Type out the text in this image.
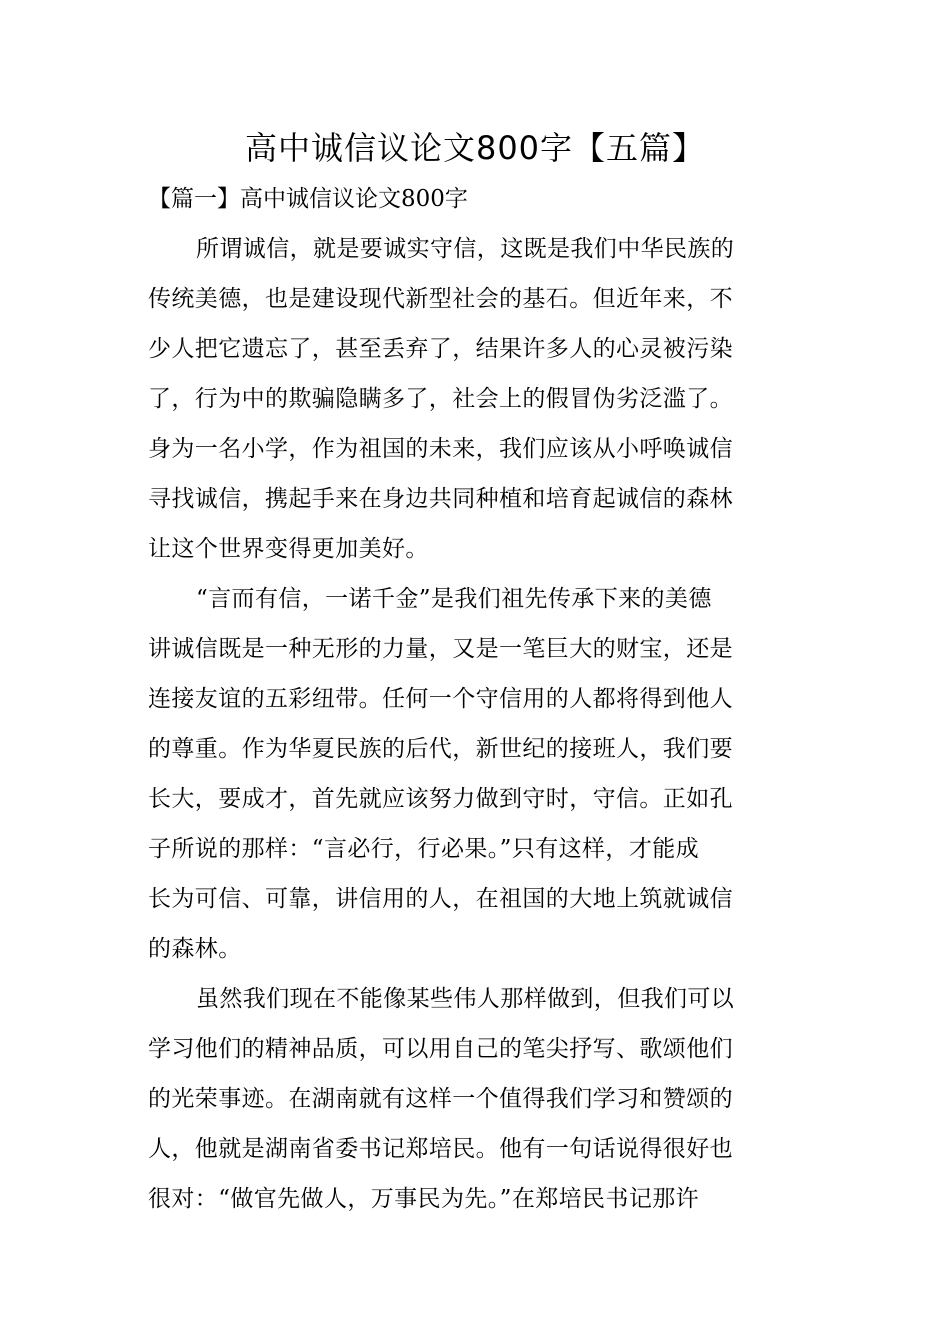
高中诚信议论文800字【五篇】
【篇一】高中诚信议论文800字
所谓诚信，就是要诚实守信，这既是我们中华民族的
传统美德，也是建设现代新型社会的基石。但近年来，不
少人把它遗忘了，甚至丢弃了，结果许多人的心灵被污染
了，行为中的欺骗隐瞒多了，社会上的假冒伪劣泛滥了。
身为一名小学，作为祖国的未来，我们应该从小呼唤诚信
寻找诚信，携起手来在身边共同种植和培育起诚信的森林
让这个世界变得更加美好。
“言而有信，一诺千金”是我们祖先传承下来的美德
讲诚信既是一种无形的力量，又是一笔巨大的财宝，还是
连接友谊的五彩纽带。任何一个守信用的人都将得到他人
的尊重。作为华夏民族的后代，新世纪的接班人，我们要
长大，要成才，首先就应该努力做到守时，守信。正如孔
子所说的那样：“言必行，行必果。”只有这样，才能成
长为可信、可靠，讲信用的人，在祖国的大地上筑就诚信
的森林。
虽然我们现在不能像某些伟人那样做到，但我们可以
学习他们的精神品质，可以用自己的笔尖抒写、歌颂他们
的光荣事迹。在湖南就有这样一个值得我们学习和赞颂的
人，他就是湖南省委书记郑培民。他有一句话说得很好也
很对：“做官先做人，万事民为先。”在郑培民书记那许
